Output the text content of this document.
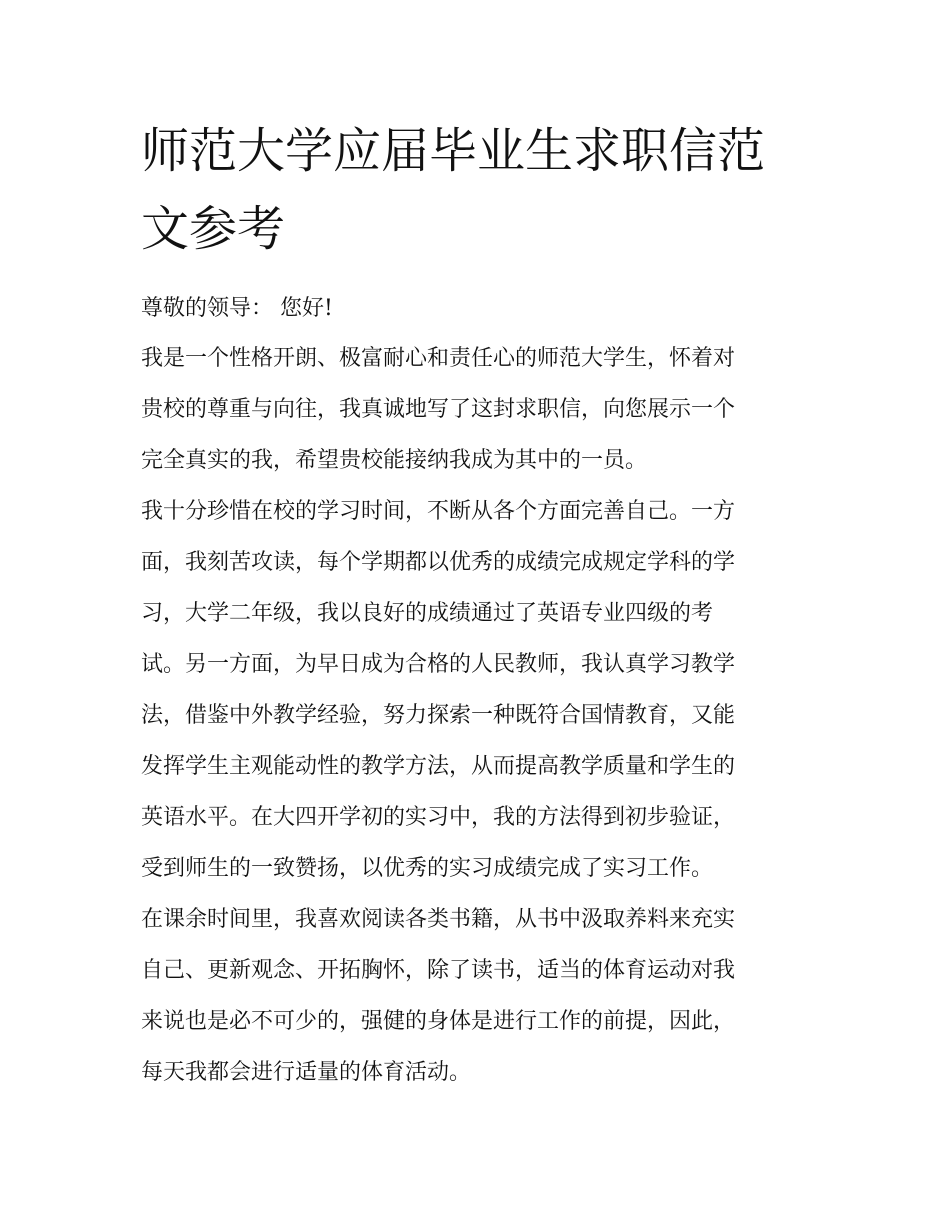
师范大学应届毕业生求职信范
文参考

尊敬的领导： 您好!

我是一个性格开朗、极富耐心和责任心的师范大学生，怀着对
贵校的尊重与向往，我真诚地写了这封求职信，向您展示一个
完全真实的我，希望贵校能接纳我成为其中的一员。
我十分珍惜在校的学习时间，不断从各个方面完善自己。一方
面，我刻苦攻读，每个学期都以优秀的成绩完成规定学科的学
习，大学二年级，我以良好的成绩通过了英语专业四级的考
试。另一方面，为早日成为合格的人民教师，我认真学习教学
法，借鉴中外教学经验，努力探索一种既符合国情教育，又能
发挥学生主观能动性的教学方法，从而提高教学质量和学生的
英语水平。在大四开学初的实习中，我的方法得到初步验证，
受到师生的一致赞扬，以优秀的实习成绩完成了实习工作。
在课余时间里，我喜欢阅读各类书籍，从书中汲取养料来充实
自己、更新观念、开拓胸怀，除了读书，适当的体育运动对我
来说也是必不可少的，强健的身体是进行工作的前提，因此，
每天我都会进行适量的体育活动。
